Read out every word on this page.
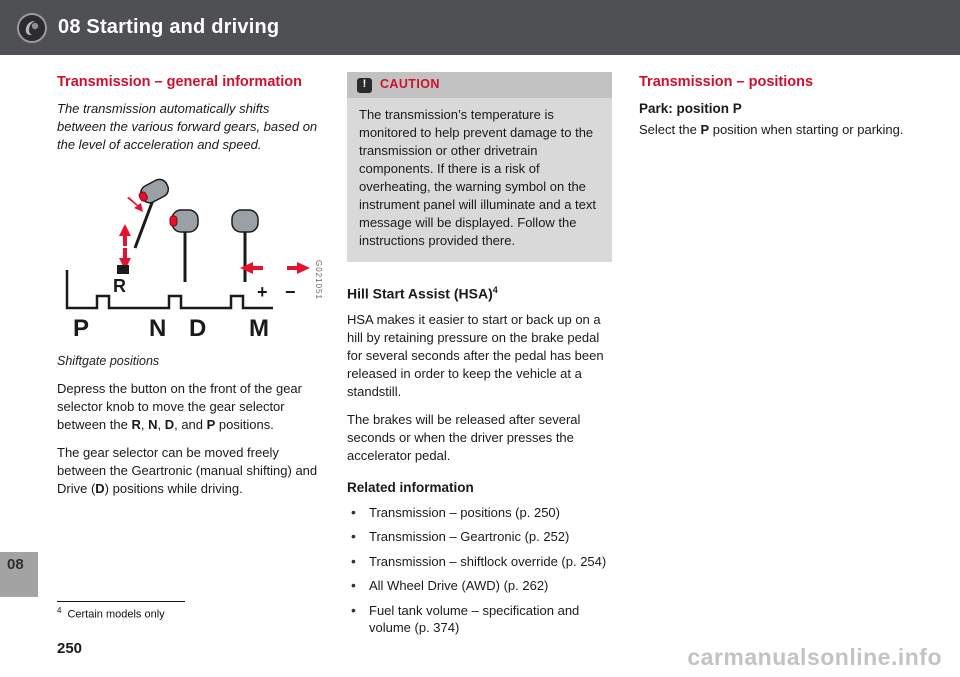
08 Starting and driving
Transmission – general information

The transmission automatically shifts between the various forward gears, based on the level of acceleration and speed.

R	+ −
P N D M
G021051
Shiftgate positions

Depress the button on the front of the gear selector knob to move the gear selector between the R, N, D, and P positions.

The gear selector can be moved freely between the Geartronic (manual shifting) and Drive (D) positions while driving.

!	CAUTION
The transmission’s temperature is monitored to help prevent damage to the transmission or other drivetrain components. If there is a risk of overheating, the warning symbol on the instrument panel will illuminate and a text message will be displayed. Follow the instructions provided there.
Hill Start Assist (HSA)$^4$

HSA makes it easier to start or back up on a hill by retaining pressure on the brake pedal for several seconds after the pedal has been released in order to keep the vehicle at a standstill.

The brakes will be released after several seconds or when the driver presses the accelerator pedal.

Related information
• Transmission – positions (p. 250)
• Transmission – Geartronic (p. 252)
• Transmission – shiftlock override (p. 254)
• All Wheel Drive (AWD) (p. 262)
• Fuel tank volume – specification and volume (p. 374)
Transmission – positions
Park: position P

Select the P position when starting or parking.

08
$^4$ Certain models only
250	carmanualsonline.info
